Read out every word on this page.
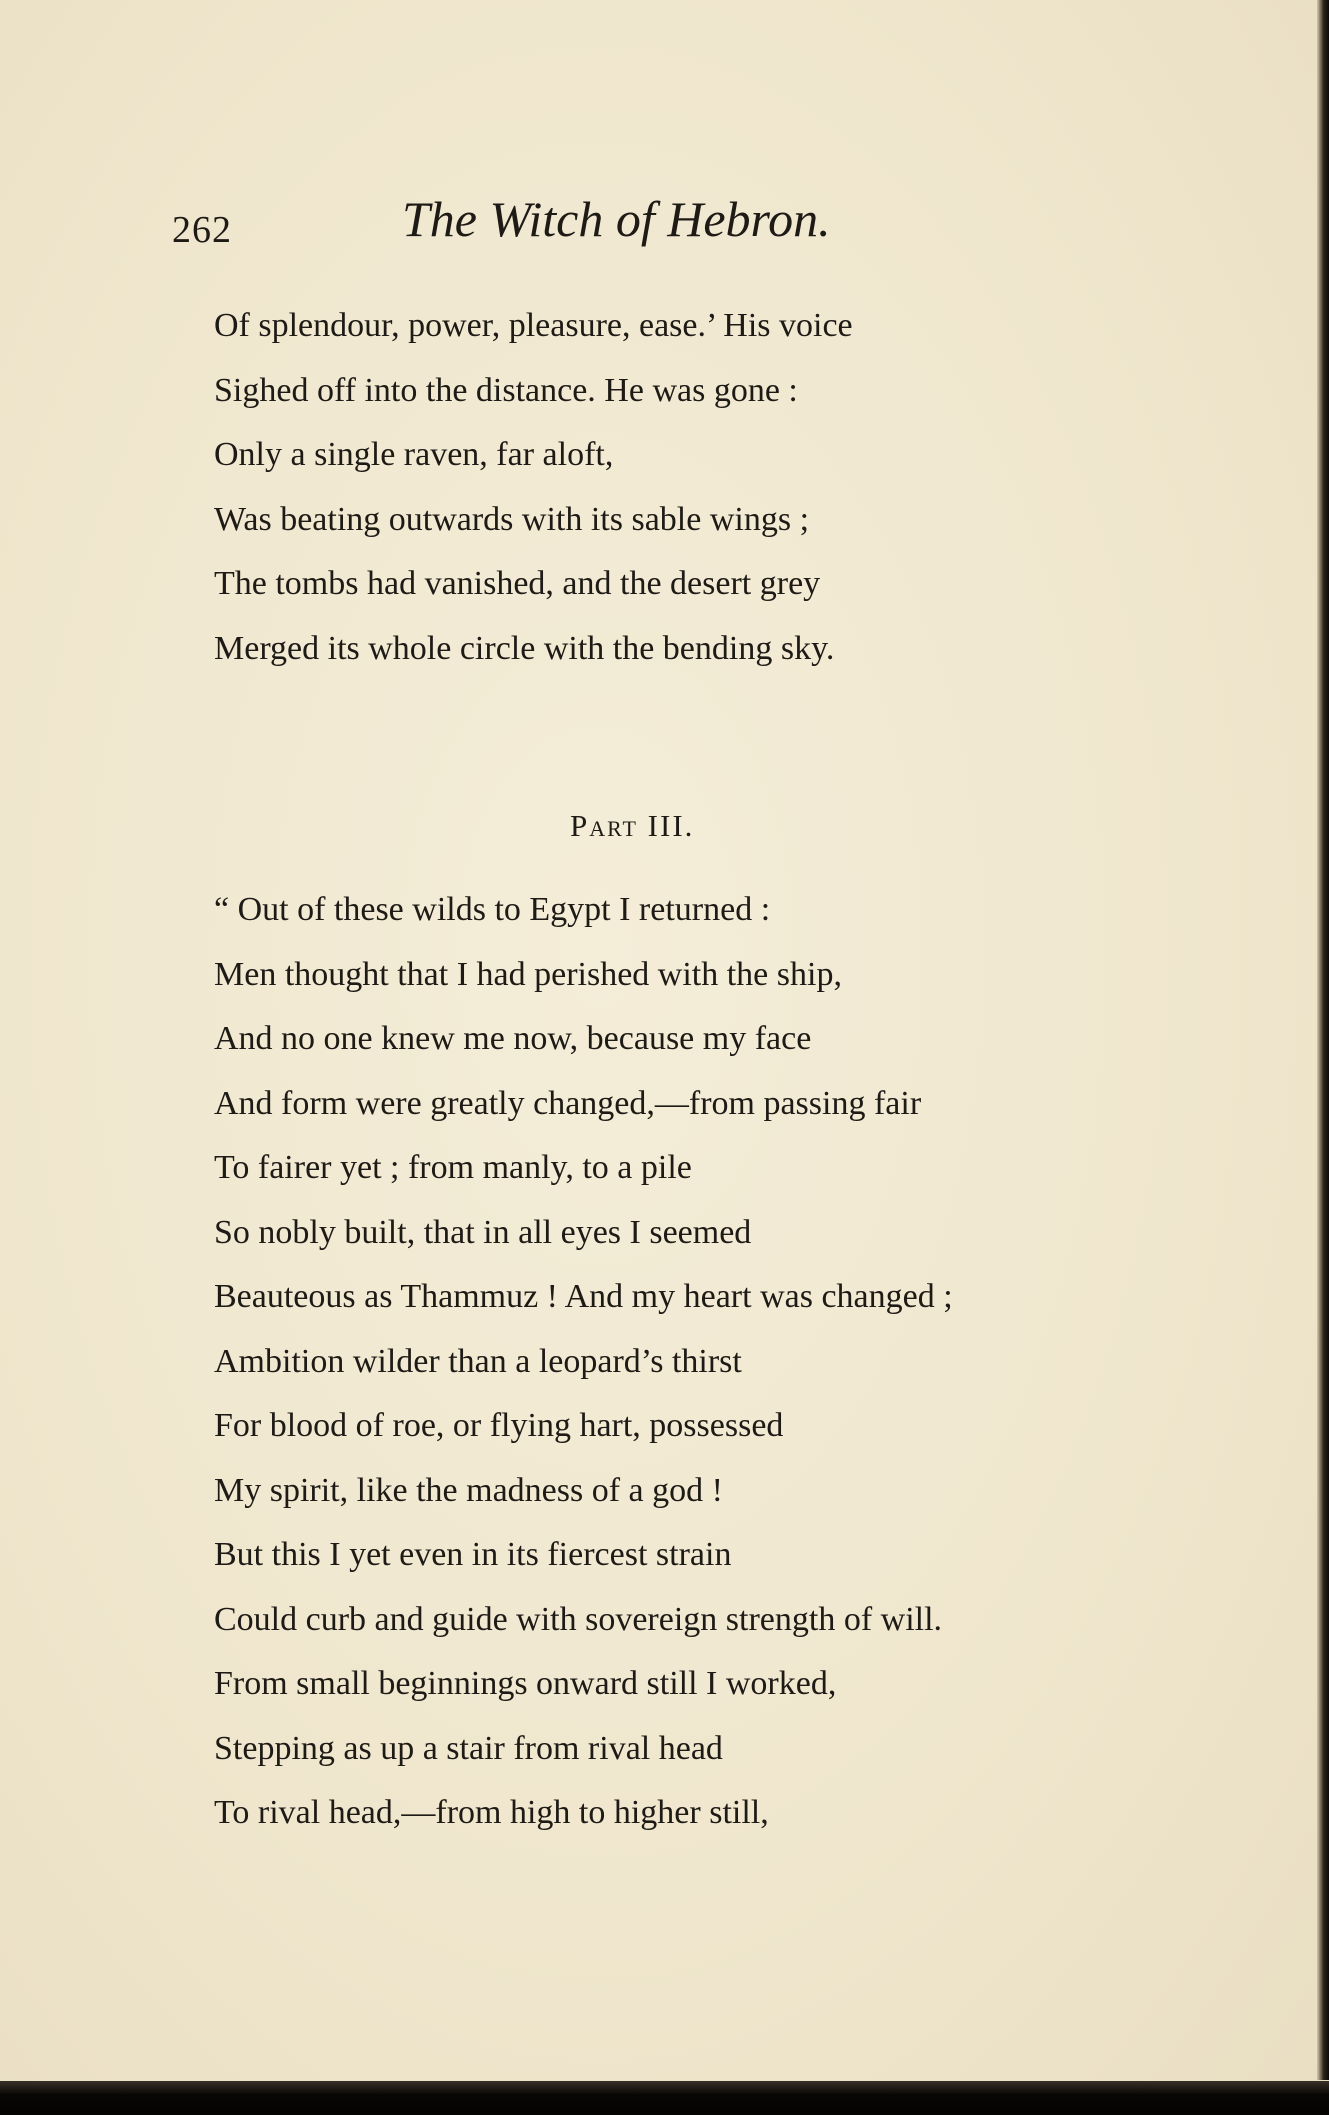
262	The Witch of Hebron.
Of splendour, power, pleasure, ease.’ His voice
Sighed off into the distance. He was gone :
Only a single raven, far aloft,
Was beating outwards with its sable wings ;
The tombs had vanished, and the desert grey
Merged its whole circle with the bending sky.
Part III.
“ Out of these wilds to Egypt I returned :
Men thought that I had perished with the ship,
And no one knew me now, because my face
And form were greatly changed,—from passing fair
To fairer yet ; from manly, to a pile
So nobly built, that in all eyes I seemed
Beauteous as Thammuz ! And my heart was changed ;
Ambition wilder than a leopard’s thirst
For blood of roe, or flying hart, possessed
My spirit, like the madness of a god !
But this I yet even in its fiercest strain
Could curb and guide with sovereign strength of will.
From small beginnings onward still I worked,
Stepping as up a stair from rival head
To rival head,—from high to higher still,
